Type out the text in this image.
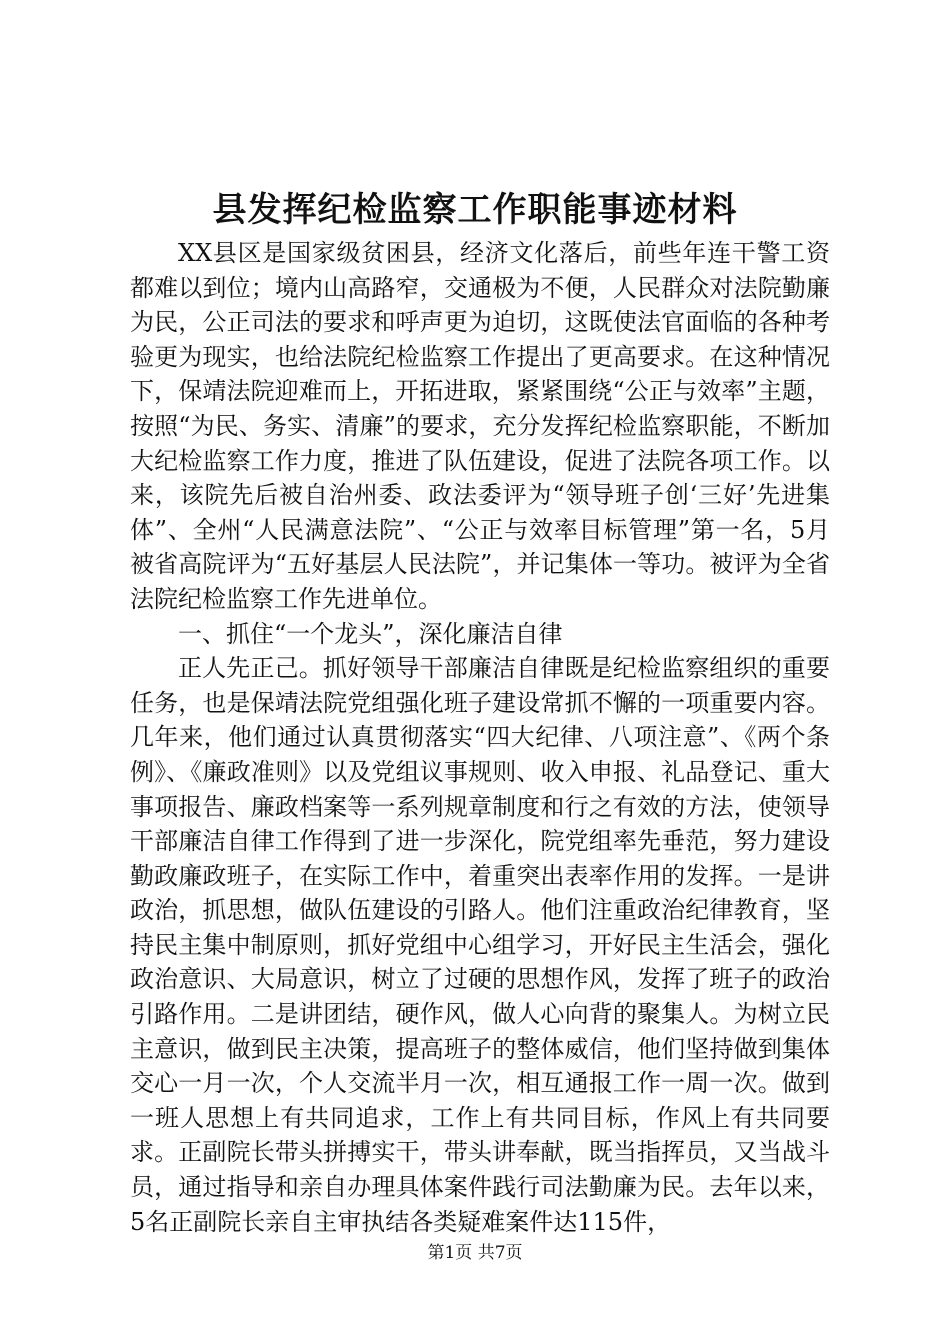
县发挥纪检监察工作职能事迹材料

XX县区是国家级贫困县，经济文化落后，前些年连干警工资都难以到位；境内山高路窄，交通极为不便，人民群众对法院勤廉为民，公正司法的要求和呼声更为迫切，这既使法官面临的各种考验更为现实，也给法院纪检监察工作提出了更高要求。在这种情况下，保靖法院迎难而上，开拓进取，紧紧围绕“公正与效率”主题，按照“为民、务实、清廉”的要求，充分发挥纪检监察职能，不断加大纪检监察工作力度，推进了队伍建设，促进了法院各项工作。以来，该院先后被自治州委、政法委评为“领导班子创‘三好’先进集体”、全州“人民满意法院”、“公正与效率目标管理”第一名，5月被省高院评为“五好基层人民法院”，并记集体一等功。被评为全省法院纪检监察工作先进单位。

一、抓住“一个龙头”，深化廉洁自律

正人先正己。抓好领导干部廉洁自律既是纪检监察组织的重要任务，也是保靖法院党组强化班子建设常抓不懈的一项重要内容。几年来，他们通过认真贯彻落实“四大纪律、八项注意”、《两个条例》、《廉政准则》以及党组议事规则、收入申报、礼品登记、重大事项报告、廉政档案等一系列规章制度和行之有效的方法，使领导干部廉洁自律工作得到了进一步深化，院党组率先垂范，努力建设勤政廉政班子，在实际工作中，着重突出表率作用的发挥。一是讲政治，抓思想，做队伍建设的引路人。他们注重政治纪律教育，坚持民主集中制原则，抓好党组中心组学习，开好民主生活会，强化政治意识、大局意识，树立了过硬的思想作风，发挥了班子的政治引路作用。二是讲团结，硬作风，做人心向背的聚集人。为树立民主意识，做到民主决策，提高班子的整体威信，他们坚持做到集体交心一月一次，个人交流半月一次，相互通报工作一周一次。做到一班人思想上有共同追求，工作上有共同目标，作风上有共同要求。正副院长带头拼搏实干，带头讲奉献，既当指挥员，又当战斗员，通过指导和亲自办理具体案件践行司法勤廉为民。去年以来，5名正副院长亲自主审执结各类疑难案件达115件，

第1页 共7页
